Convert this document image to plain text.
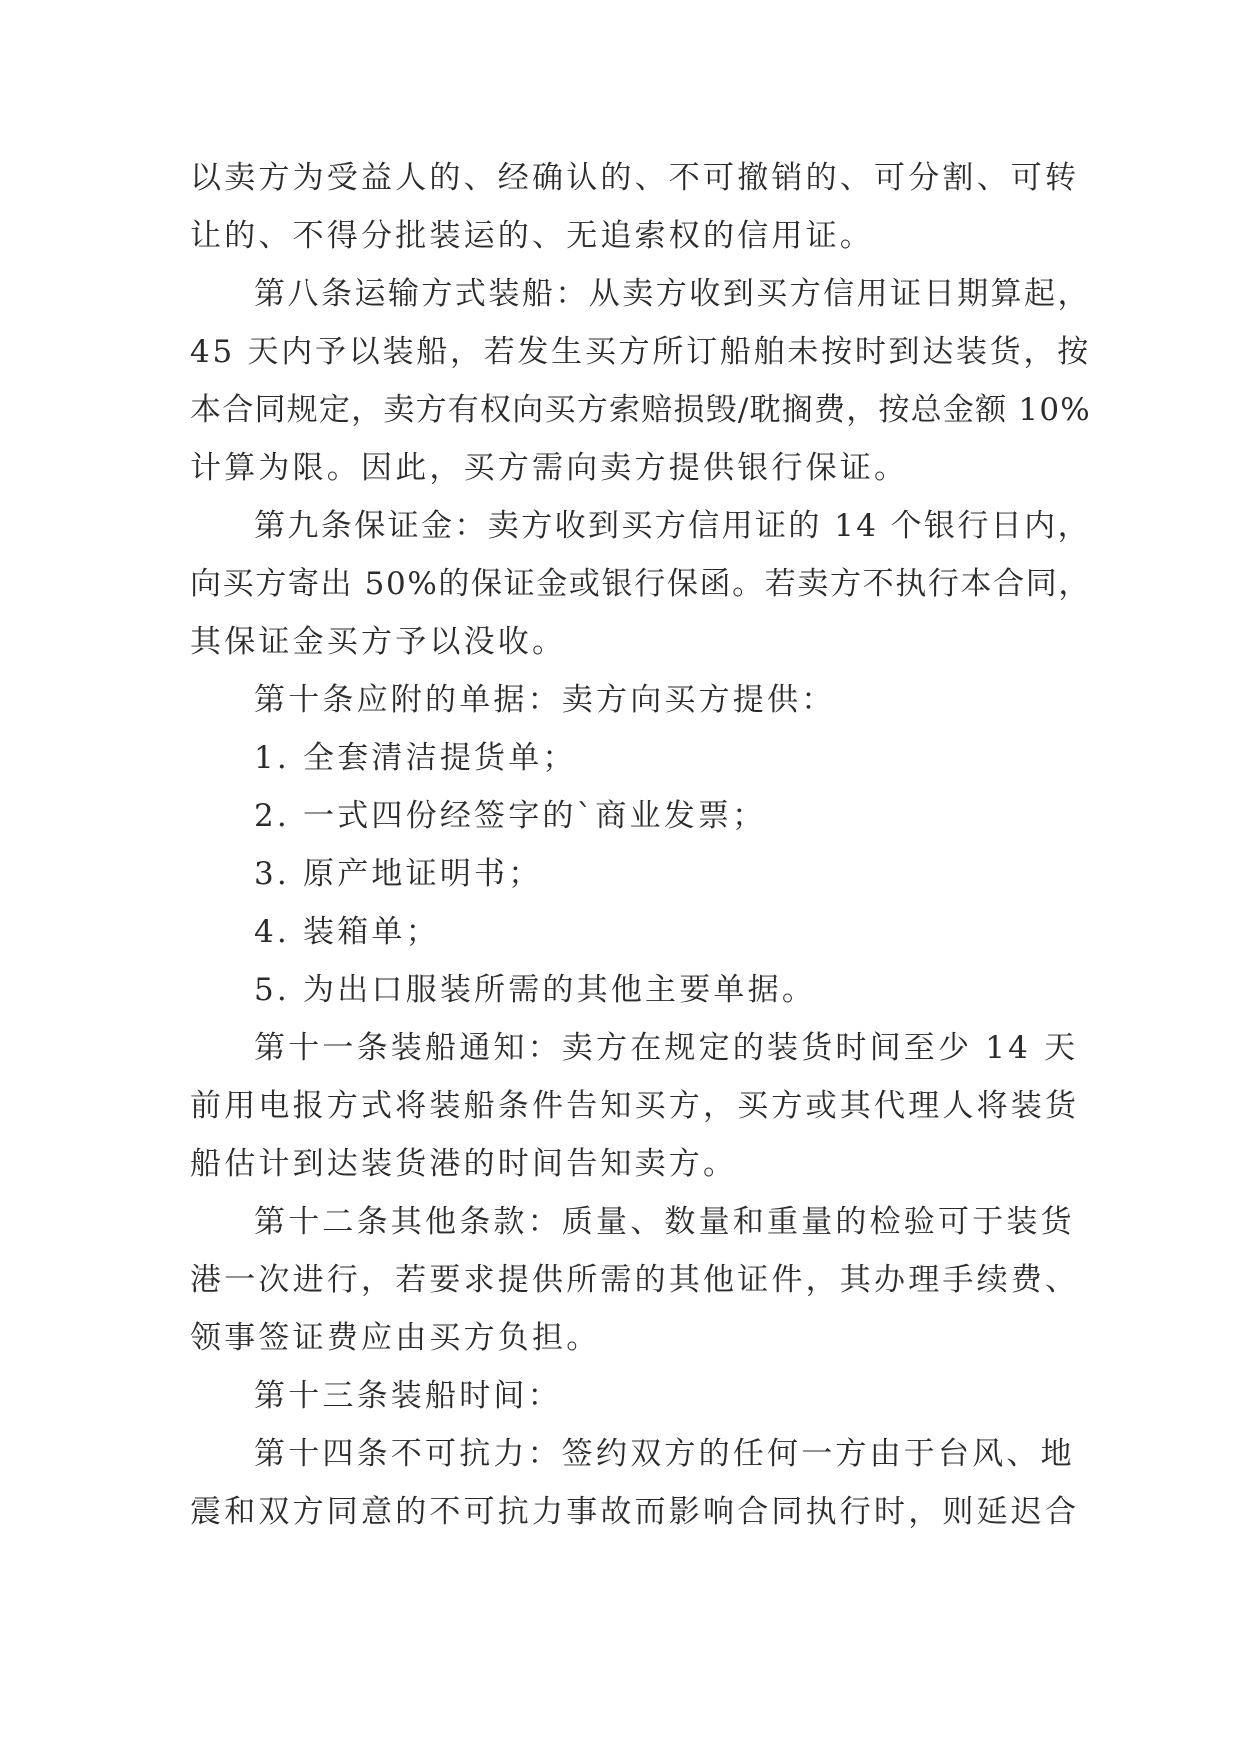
以卖方为受益人的、经确认的、不可撤销的、可分割、可转
让的、不得分批装运的、无追索权的信用证。
第八条运输方式装船：从卖方收到买方信用证日期算起，
45 天内予以装船，若发生买方所订船舶未按时到达装货，按
本合同规定，卖方有权向买方索赔损毁/耽搁费，按总金额 10%
计算为限。因此，买方需向卖方提供银行保证。
第九条保证金：卖方收到买方信用证的 14 个银行日内，
向买方寄出 50%的保证金或银行保函。若卖方不执行本合同，
其保证金买方予以没收。
第十条应附的单据：卖方向买方提供：
1. 全套清洁提货单；
2. 一式四份经签字的`商业发票；
3. 原产地证明书；
4. 装箱单；
5. 为出口服装所需的其他主要单据。
第十一条装船通知：卖方在规定的装货时间至少 14 天
前用电报方式将装船条件告知买方，买方或其代理人将装货
船估计到达装货港的时间告知卖方。
第十二条其他条款：质量、数量和重量的检验可于装货
港一次进行，若要求提供所需的其他证件，其办理手续费、
领事签证费应由买方负担。
第十三条装船时间：
第十四条不可抗力：签约双方的任何一方由于台风、地
震和双方同意的不可抗力事故而影响合同执行时，则延迟合
